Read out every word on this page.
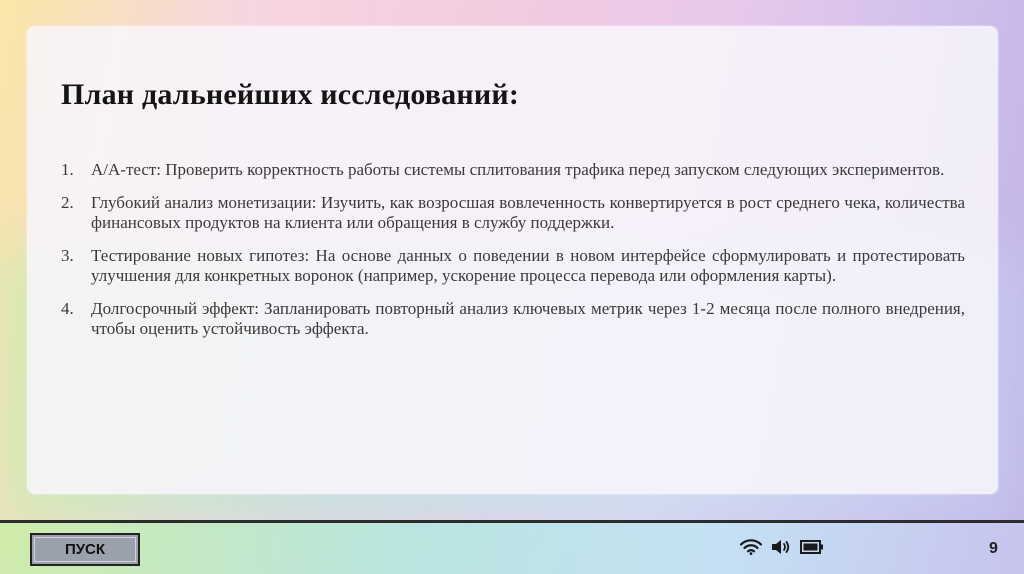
План дальнейших исследований:
1.	А/А-тест: Проверить корректность работы системы сплитования трафика перед запуском следующих экспериментов.
2.	Глубокий анализ монетизации: Изучить, как возросшая вовлеченность конвертируется в рост среднего чека, количества финансовых продуктов на клиента или обращения в службу поддержки.
3.	Тестирование новых гипотез: На основе данных о поведении в новом интерфейсе сформулировать и протестировать улучшения для конкретных воронок (например, ускорение процесса перевода или оформления карты).
4.	Долгосрочный эффект: Запланировать повторный анализ ключевых метрик через 1-2 месяца после полного внедрения, чтобы оценить устойчивость эффекта.
ПУСК	9
